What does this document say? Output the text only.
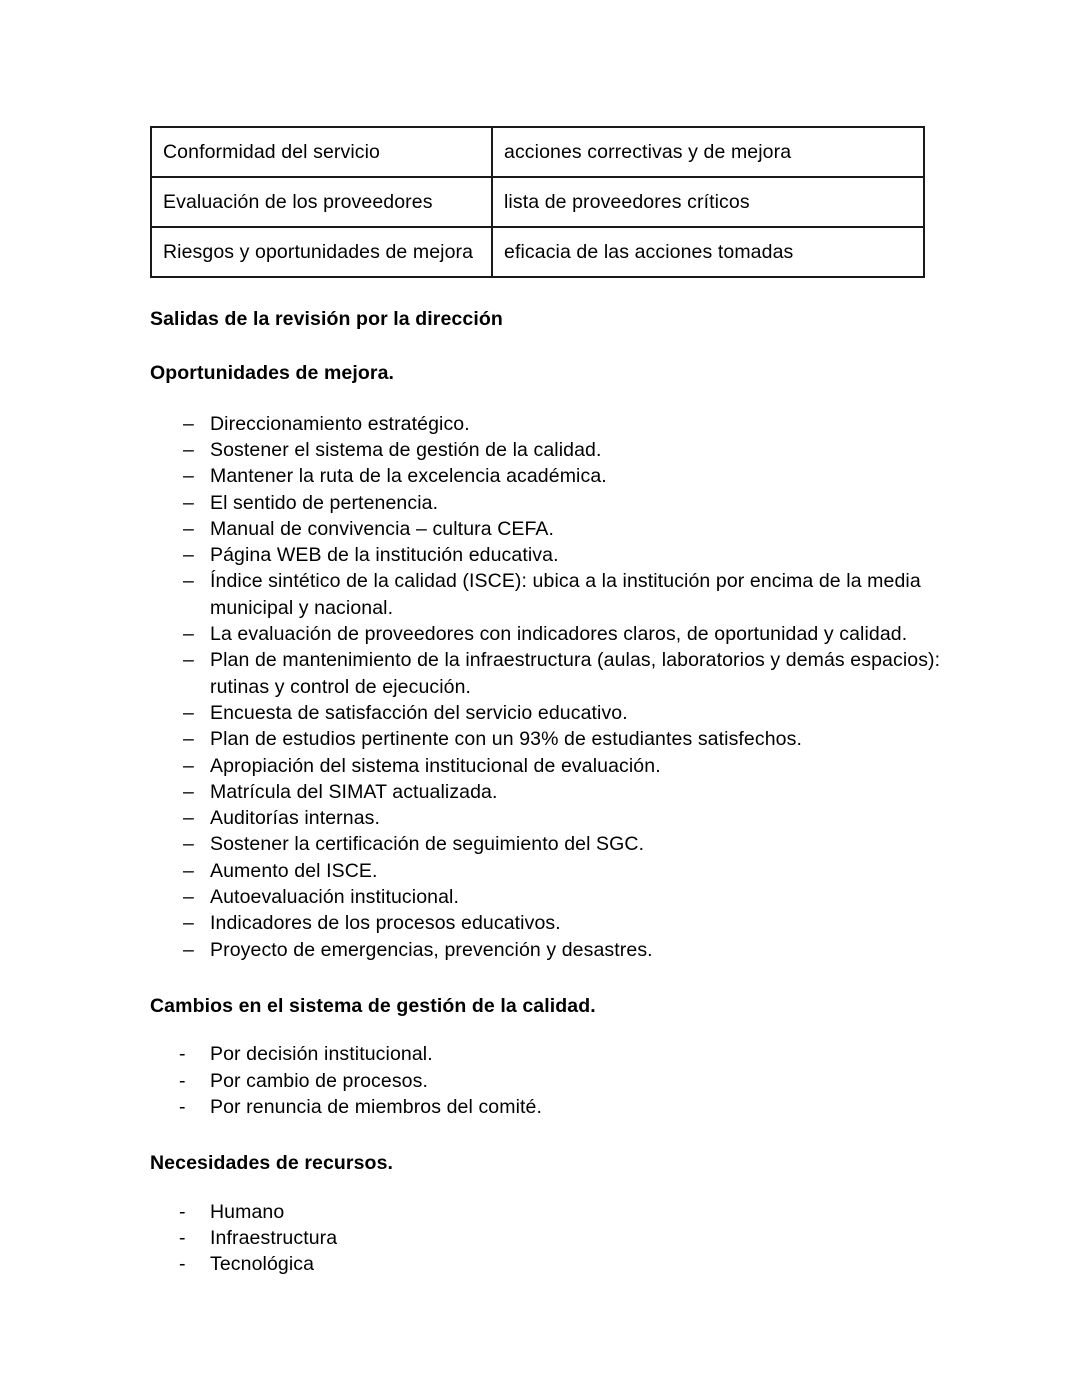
Conformidad del servicio	acciones correctivas y de mejora
Evaluación de los proveedores	lista de proveedores críticos
Riesgos y oportunidades de mejora	eficacia de las acciones tomadas
Salidas de la revisión por la dirección
Oportunidades de mejora.
– Direccionamiento estratégico.
– Sostener el sistema de gestión de la calidad.
– Mantener la ruta de la excelencia académica.
– El sentido de pertenencia.
– Manual de convivencia – cultura CEFA.
– Página WEB de la institución educativa.
– Índice sintético de la calidad (ISCE): ubica a la institución por encima de la media municipal y nacional.
– La evaluación de proveedores con indicadores claros, de oportunidad y calidad.
– Plan de mantenimiento de la infraestructura (aulas, laboratorios y demás espacios): rutinas y control de ejecución.
– Encuesta de satisfacción del servicio educativo.
– Plan de estudios pertinente con un 93% de estudiantes satisfechos.
– Apropiación del sistema institucional de evaluación.
– Matrícula del SIMAT actualizada.
– Auditorías internas.
– Sostener la certificación de seguimiento del SGC.
– Aumento del ISCE.
– Autoevaluación institucional.
– Indicadores de los procesos educativos.
– Proyecto de emergencias, prevención y desastres.
Cambios en el sistema de gestión de la calidad.
-	Por decisión institucional.
-	Por cambio de procesos.
-	Por renuncia de miembros del comité.
Necesidades de recursos.
-	Humano
-	Infraestructura
-	Tecnológica
